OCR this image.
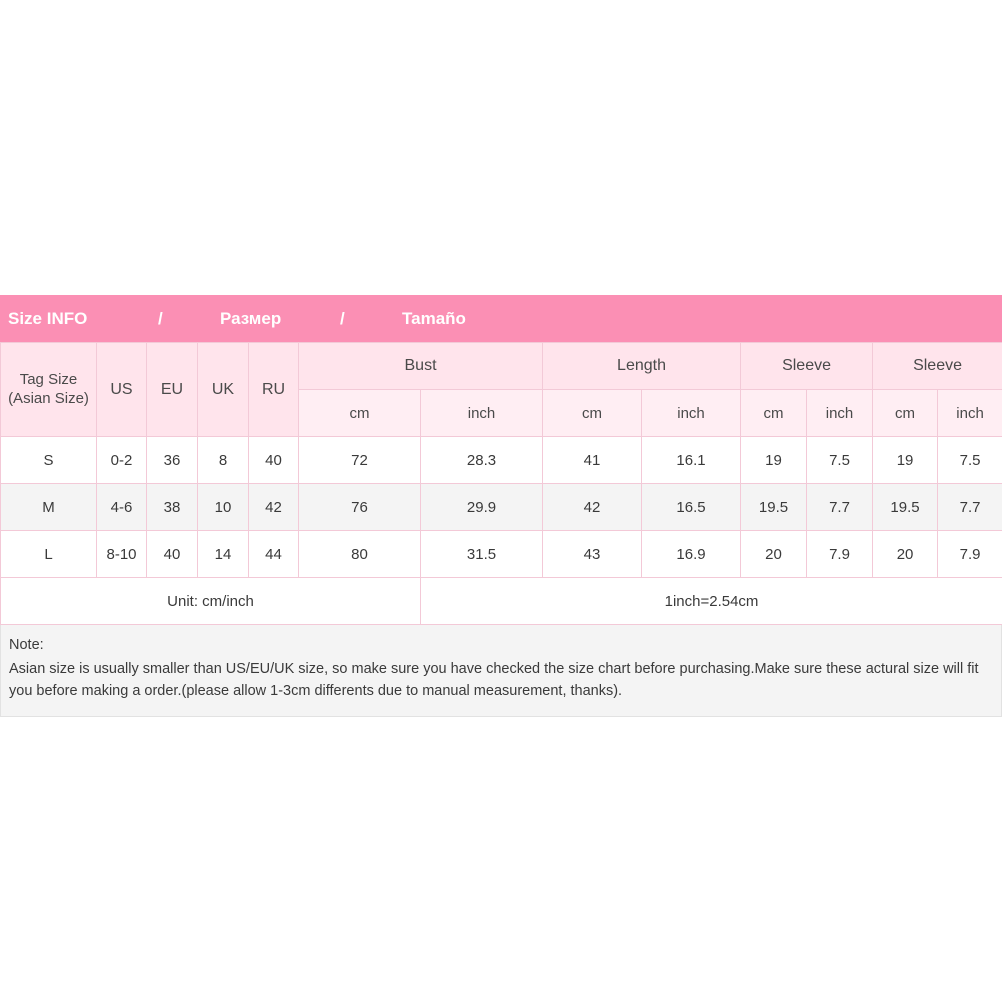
Size INFO	/	Размер	/	Tamaño
Tag Size
(Asian Size)	US	EU	UK	RU	Bust		Length		Sleeve		Sleeve	
					cm	inch	cm	inch	cm	inch	cm	inch
S	0-2	36	8	40	72	28.3	41	16.1	19	7.5	19	7.5
M	4-6	38	10	42	76	29.9	42	16.5	19.5	7.7	19.5	7.7
L	8-10	40	14	44	80	31.5	43	16.9	20	7.9	20	7.9
Unit: cm/inch						1inch=2.54cm						
Note:
Asian size is usually smaller than US/EU/UK size, so make sure you have checked the size chart before purchasing.Make sure these actural size will fit you before making a order.(please allow 1-3cm differents due to manual measurement, thanks).
